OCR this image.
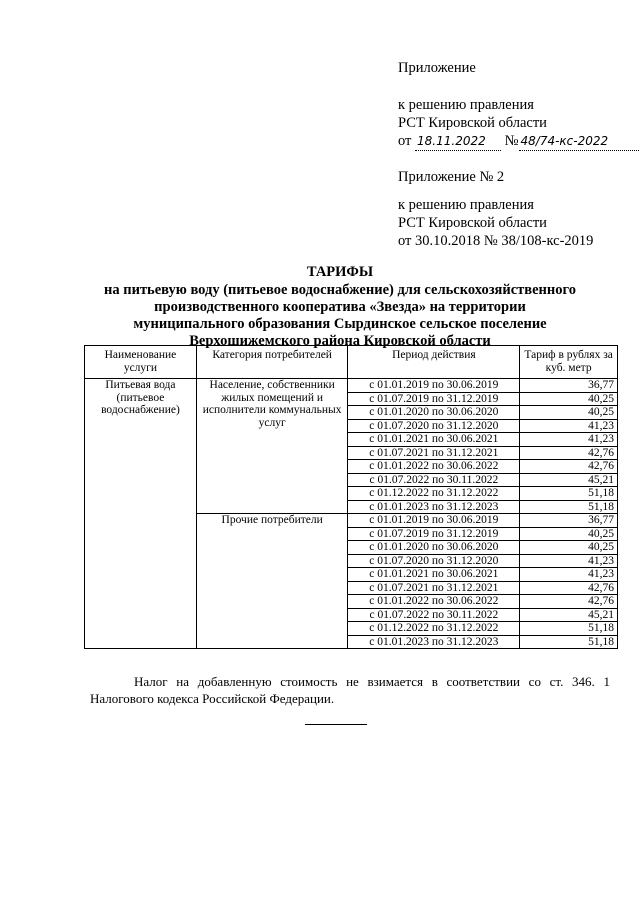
Приложение
к решению правления
РСТ Кировской области
от 18.11.2022 № 48/74-кс-2022
Приложение № 2
к решению правления
РСТ Кировской области
от 30.10.2018 № 38/108-кс-2019
ТАРИФЫ
на питьевую воду (питьевое водоснабжение) для сельскохозяйственного
производственного кооператива «Звезда» на территории
муниципального образования Сырдинское сельское поселение
Верхошижемского района Кировской области
Наименование услуги	Категория потребителей	Период действия	Тариф в рублях за куб. метр
Питьевая вода (питьевое водоснабжение)	Население, собственники жилых помещений и исполнители коммунальных услуг	с 01.01.2019 по 30.06.2019	36,77
		с 01.07.2019 по 31.12.2019	40,25
		с 01.01.2020 по 30.06.2020	40,25
		с 01.07.2020 по 31.12.2020	41,23
		с 01.01.2021 по 30.06.2021	41,23
		с 01.07.2021 по 31.12.2021	42,76
		с 01.01.2022 по 30.06.2022	42,76
		с 01.07.2022 по 30.11.2022	45,21
		с 01.12.2022 по 31.12.2022	51,18
		с 01.01.2023 по 31.12.2023	51,18
	Прочие потребители	с 01.01.2019 по 30.06.2019	36,77
		с 01.07.2019 по 31.12.2019	40,25
		с 01.01.2020 по 30.06.2020	40,25
		с 01.07.2020 по 31.12.2020	41,23
		с 01.01.2021 по 30.06.2021	41,23
		с 01.07.2021 по 31.12.2021	42,76
		с 01.01.2022 по 30.06.2022	42,76
		с 01.07.2022 по 30.11.2022	45,21
		с 01.12.2022 по 31.12.2022	51,18
		с 01.01.2023 по 31.12.2023	51,18
Налог на добавленную стоимость не взимается в соответствии со ст. 346. 1 Налогового кодекса Российской Федерации.
